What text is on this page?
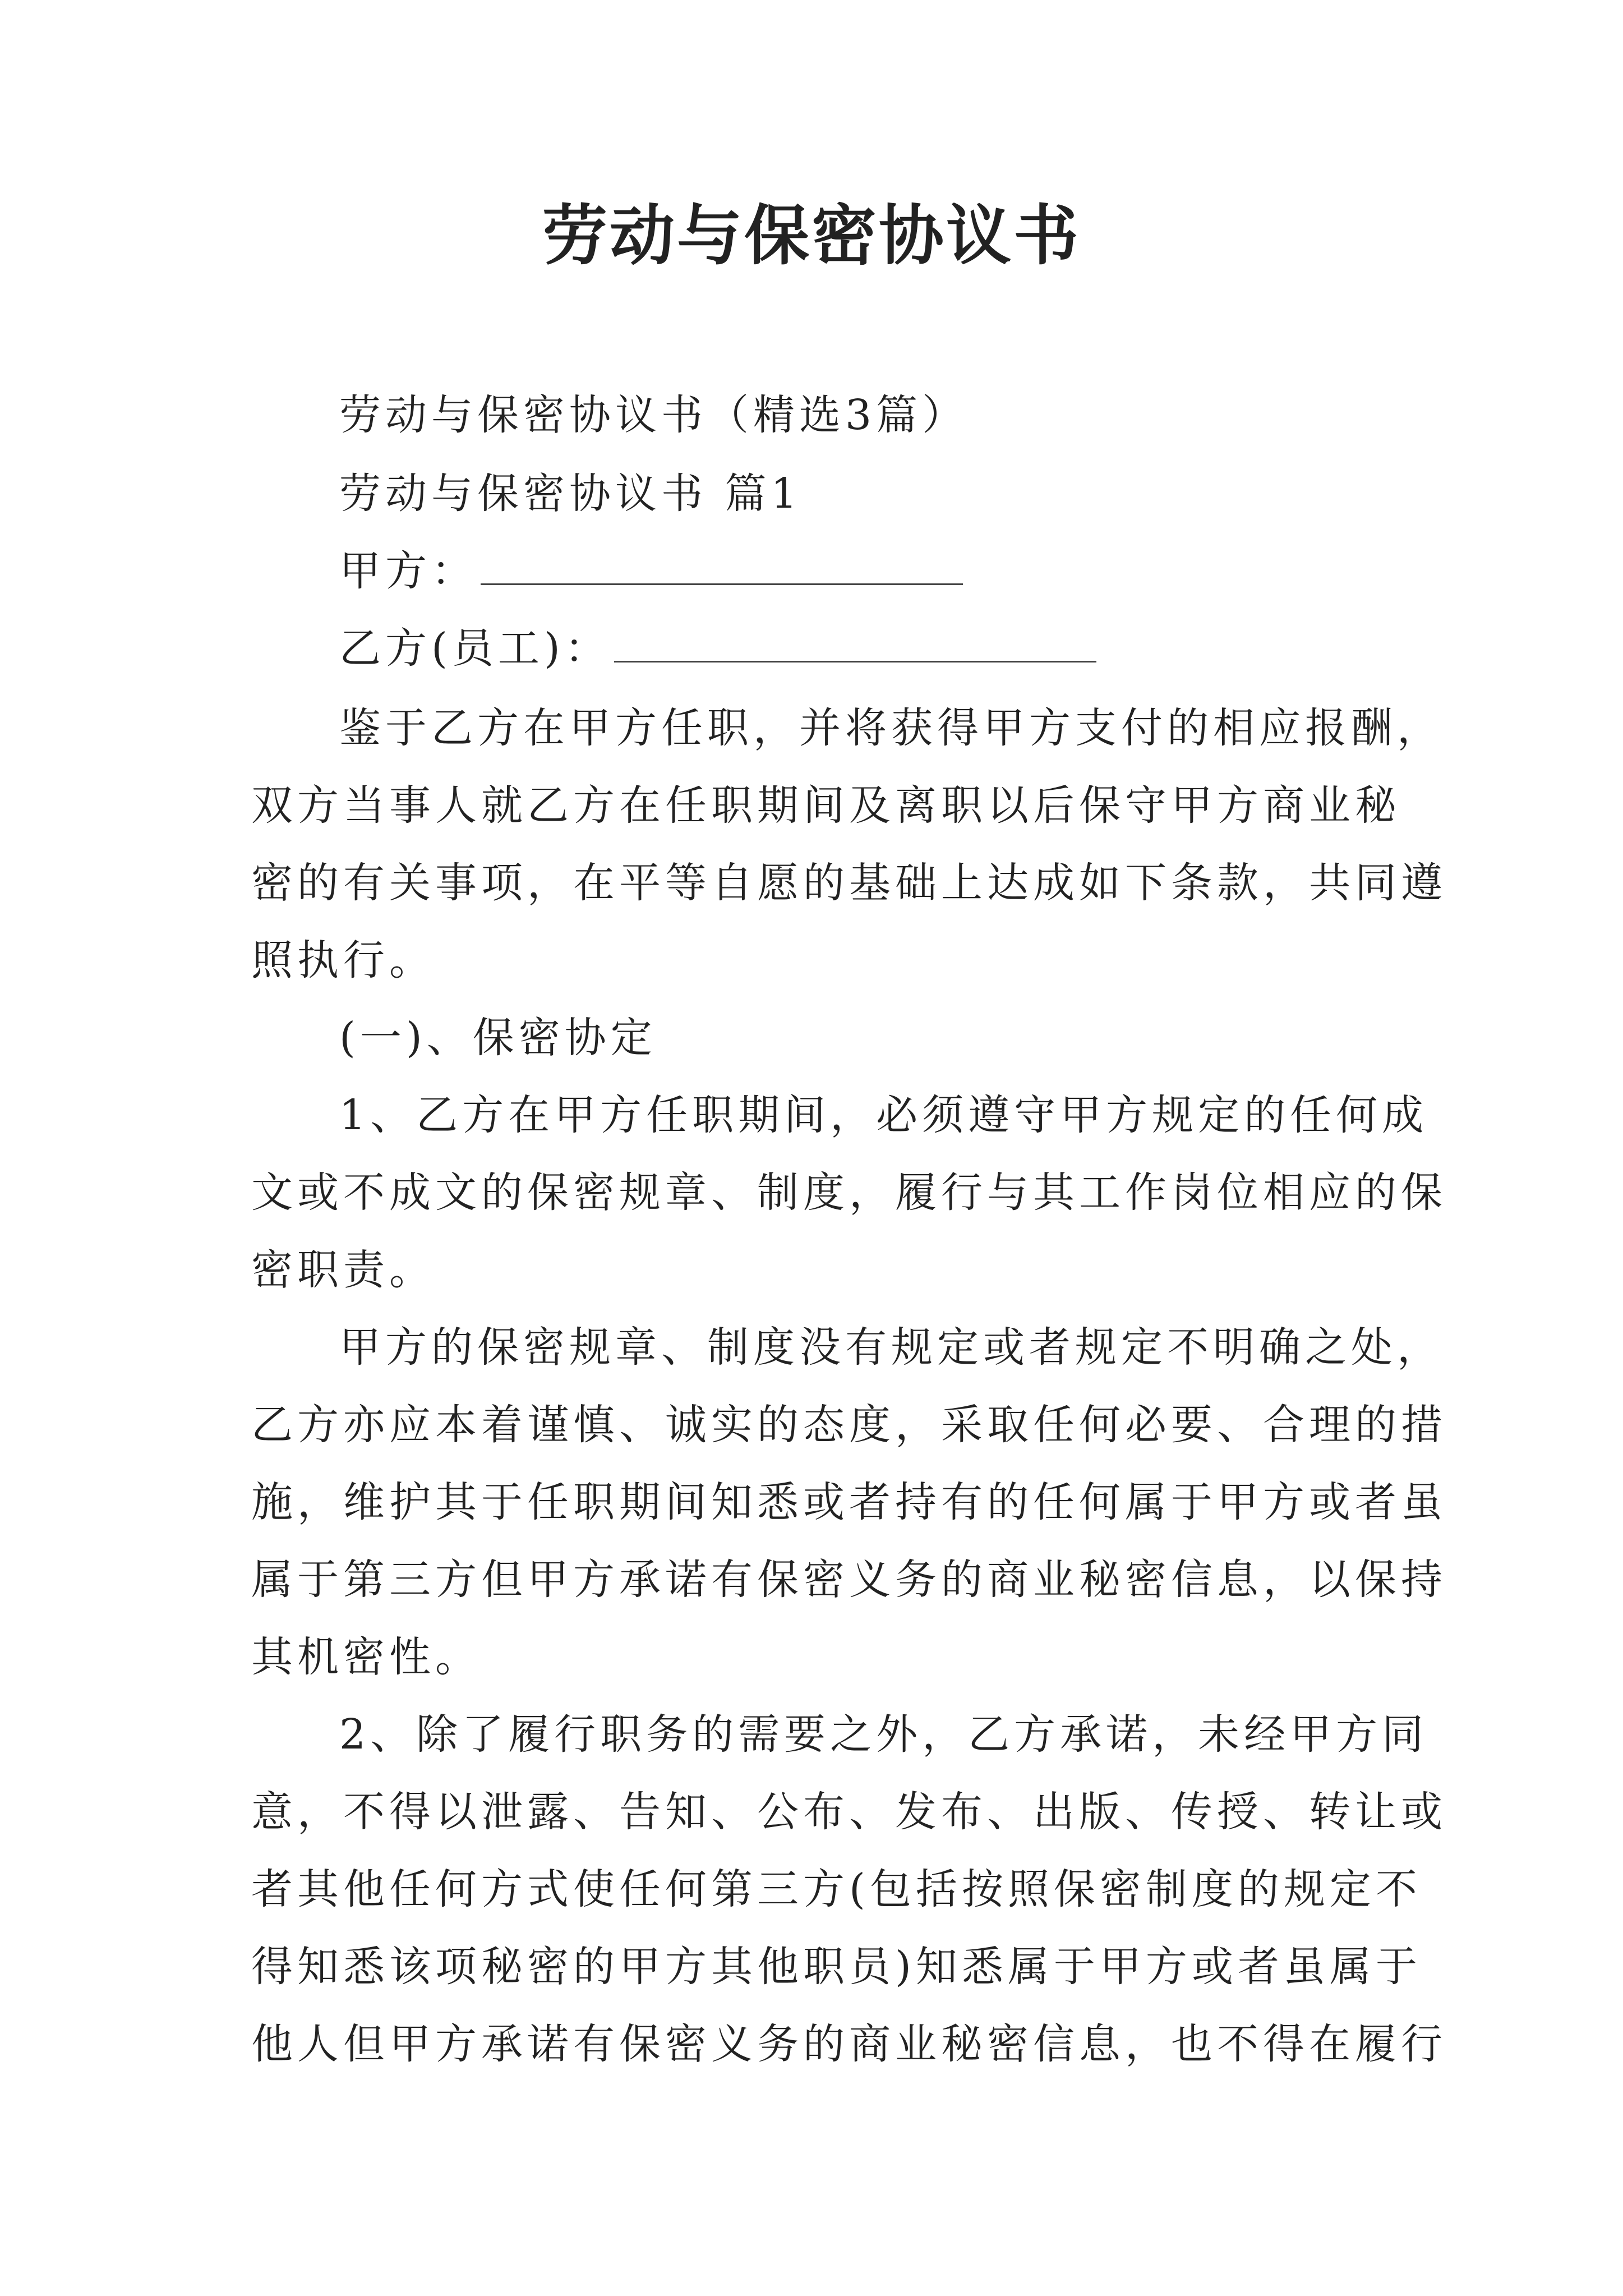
劳动与保密协议书
劳动与保密协议书（精选3篇）
劳动与保密协议书 篇1
甲方：
乙方(员工)：
鉴于乙方在甲方任职，并将获得甲方支付的相应报酬，
双方当事人就乙方在任职期间及离职以后保守甲方商业秘
密的有关事项，在平等自愿的基础上达成如下条款，共同遵
照执行。
(一)、保密协定
1、乙方在甲方任职期间，必须遵守甲方规定的任何成
文或不成文的保密规章、制度，履行与其工作岗位相应的保
密职责。
甲方的保密规章、制度没有规定或者规定不明确之处，
乙方亦应本着谨慎、诚实的态度，采取任何必要、合理的措
施，维护其于任职期间知悉或者持有的任何属于甲方或者虽
属于第三方但甲方承诺有保密义务的商业秘密信息，以保持
其机密性。
2、除了履行职务的需要之外，乙方承诺，未经甲方同
意，不得以泄露、告知、公布、发布、出版、传授、转让或
者其他任何方式使任何第三方(包括按照保密制度的规定不
得知悉该项秘密的甲方其他职员)知悉属于甲方或者虽属于
他人但甲方承诺有保密义务的商业秘密信息，也不得在履行
